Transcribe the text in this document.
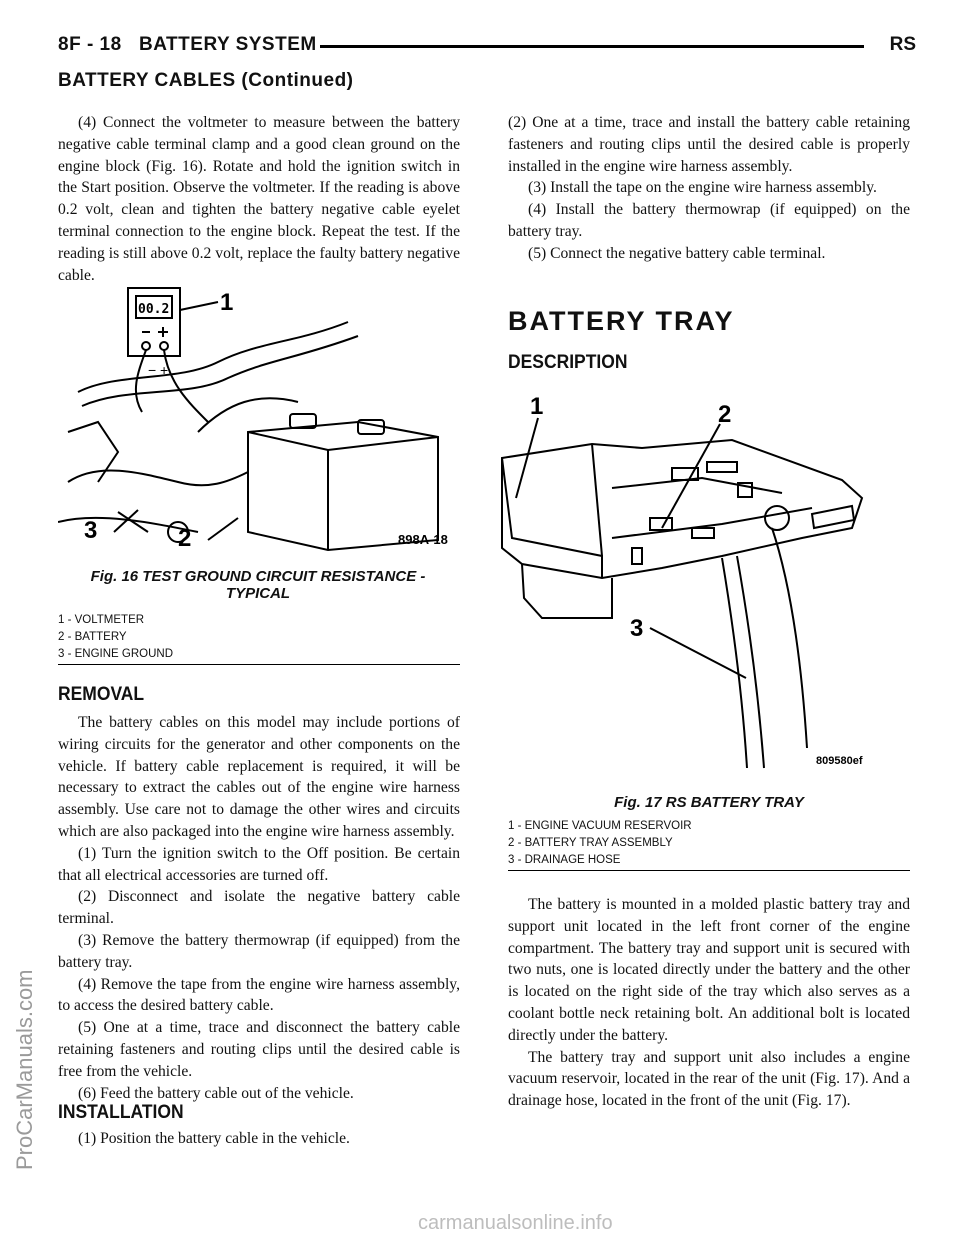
8F - 18   BATTERY SYSTEM	RS
BATTERY CABLES (Continued)

(4) Connect the voltmeter to measure between the battery negative cable terminal clamp and a good clean ground on the engine block (Fig. 16). Rotate and hold the ignition switch in the Start position. Observe the voltmeter. If the reading is above 0.2 volt, clean and tighten the battery negative cable eyelet terminal connection to the engine block. Repeat the test. If the reading is still above 0.2 volt, replace the faulty battery negative cable.

00.2
− +
1
2
3	898A-18
Fig. 16 TEST GROUND CIRCUIT RESISTANCE -
TYPICAL
1 - VOLTMETER
2 - BATTERY
3 - ENGINE GROUND
REMOVAL

The battery cables on this model may include portions of wiring circuits for the generator and other components on the vehicle. If battery cable replacement is required, it will be necessary to extract the cables out of the engine wire harness assembly. Use care not to damage the other wires and circuits which are also packaged into the engine wire harness assembly.

(1) Turn the ignition switch to the Off position. Be certain that all electrical accessories are turned off.

(2) Disconnect and isolate the negative battery cable terminal.

(3) Remove the battery thermowrap (if equipped) from the battery tray.

(4) Remove the tape from the engine wire harness assembly, to access the desired battery cable.

(5) One at a time, trace and disconnect the battery cable retaining fasteners and routing clips until the desired cable is free from the vehicle.

(6) Feed the battery cable out of the vehicle.

INSTALLATION

(1) Position the battery cable in the vehicle.

(2) One at a time, trace and install the battery cable retaining fasteners and routing clips until the desired cable is properly installed in the engine wire harness assembly.

(3) Install the tape on the engine wire harness assembly.

(4) Install the battery thermowrap (if equipped) on the battery tray.

(5) Connect the negative battery cable terminal.

BATTERY TRAY
DESCRIPTION
1	2
3
809580ef
Fig. 17 RS BATTERY TRAY
1 - ENGINE VACUUM RESERVOIR
2 - BATTERY TRAY ASSEMBLY
3 - DRAINAGE HOSE

The battery is mounted in a molded plastic battery tray and support unit located in the left front corner of the engine compartment. The battery tray and support unit is secured with two nuts, one is located directly under the battery and the other is located on the right side of the tray which also serves as a coolant bottle neck retaining bolt. An additional bolt is located directly under the battery.

The battery tray and support unit also includes a engine vacuum reservoir, located in the rear of the unit (Fig. 17). And a drainage hose, located in the front of the unit (Fig. 17).

ProCarManuals.com
carmanualsonline.info
